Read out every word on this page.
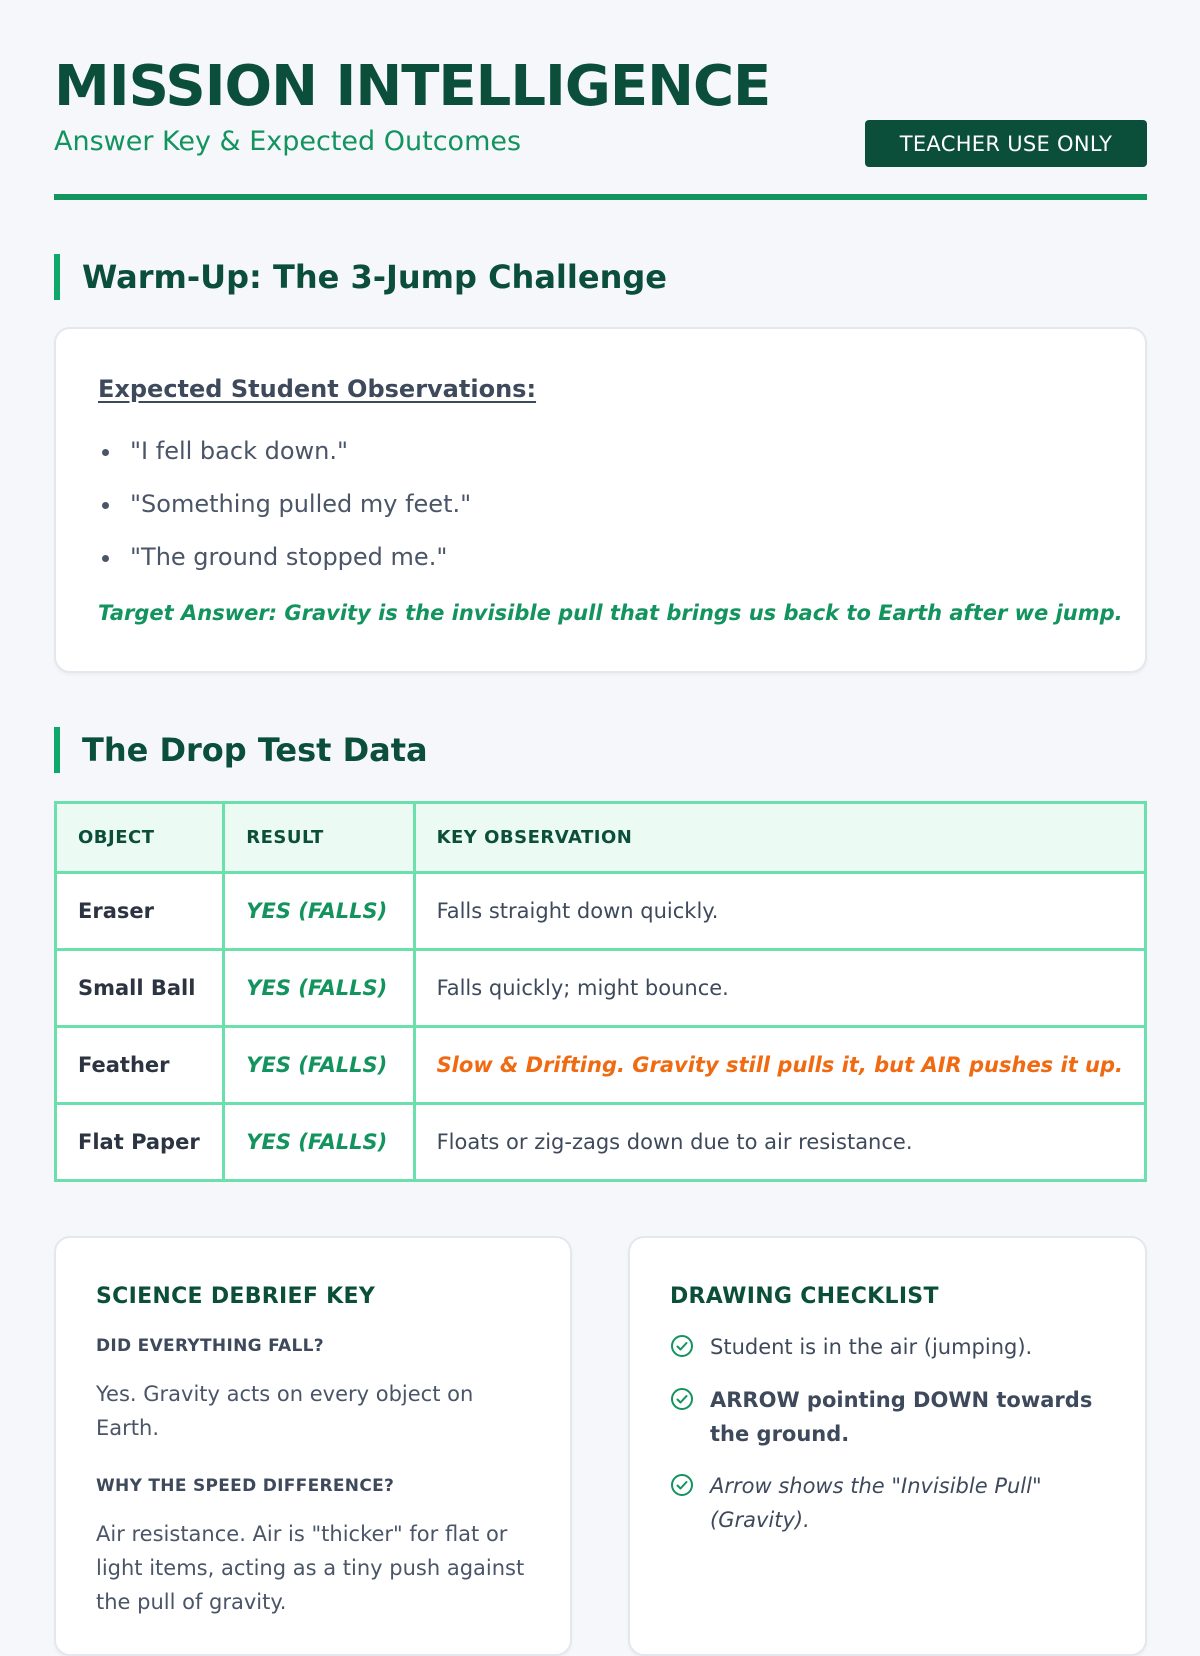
MISSION INTELLIGENCE
Answer Key & Expected Outcomes	TEACHER USE ONLY
Warm-Up: The 3-Jump Challenge
Expected Student Observations:
"I fell back down."
"Something pulled my feet."
"The ground stopped me."
Target Answer: Gravity is the invisible pull that brings us back to Earth after we jump.
The Drop Test Data
OBJECT	RESULT	KEY OBSERVATION
Eraser	YES (FALLS)	Falls straight down quickly.
Small Ball	YES (FALLS)	Falls quickly; might bounce.
Feather	YES (FALLS)	Slow & Drifting. Gravity still pulls it, but AIR pushes it up.
Flat Paper	YES (FALLS)	Floats or zig-zags down due to air resistance.
SCIENCE DEBRIEF KEY
DID EVERYTHING FALL?
Yes. Gravity acts on every object on Earth.
WHY THE SPEED DIFFERENCE?
Air resistance. Air is "thicker" for flat or light items, acting as a tiny push against the pull of gravity.
DRAWING CHECKLIST
Student is in the air (jumping).
ARROW pointing DOWN towards the ground.
Arrow shows the "Invisible Pull" (Gravity).
